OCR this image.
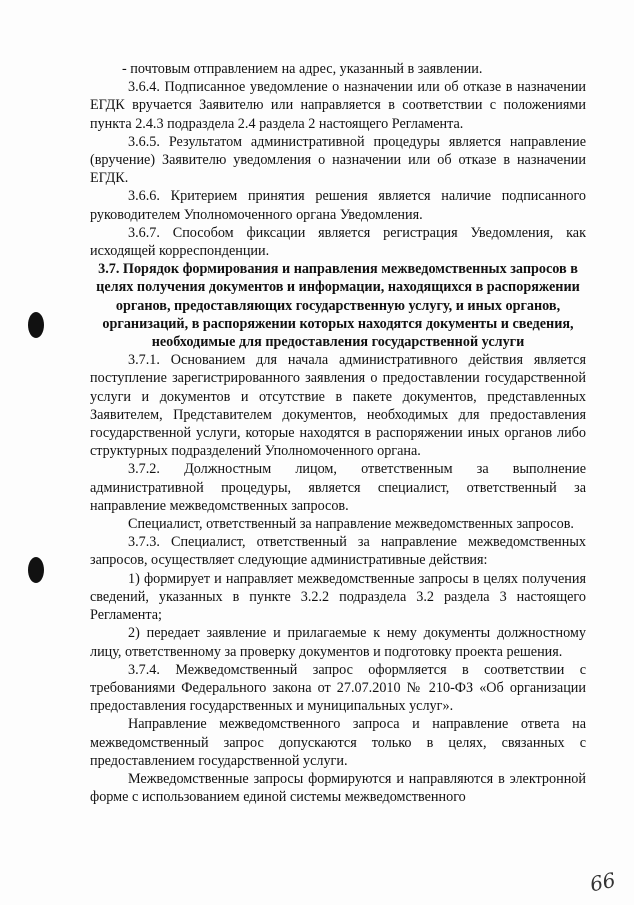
- почтовым отправлением на адрес, указанный в заявлении.

3.6.4. Подписанное уведомление о назначении или об отказе в назначении ЕГДК вручается Заявителю или направляется в соответствии с положениями пункта 2.4.3 подраздела 2.4 раздела 2 настоящего Регламента.

3.6.5. Результатом административной процедуры является направление (вручение) Заявителю уведомления о назначении или об отказе в назначении ЕГДК.

3.6.6. Критерием принятия решения является наличие подписанного руководителем Уполномоченного органа Уведомления.

3.6.7. Способом фиксации является регистрация Уведомления, как исходящей корреспонденции.

3.7. Порядок формирования и направления межведомственных запросов в целях получения документов и информации, находящихся в распоряжении органов, предоставляющих государственную услугу, и иных органов, организаций, в распоряжении которых находятся документы и сведения, необходимые для предоставления государственной услуги

3.7.1. Основанием для начала административного действия является поступление зарегистрированного заявления о предоставлении государственной услуги и документов и отсутствие в пакете документов, представленных Заявителем, Представителем документов, необходимых для предоставления государственной услуги, которые находятся в распоряжении иных органов либо структурных подразделений Уполномоченного органа.

3.7.2. Должностным лицом, ответственным за выполнение административной процедуры, является специалист, ответственный за направление межведомственных запросов.

Специалист, ответственный за направление межведомственных запросов.

3.7.3. Специалист, ответственный за направление межведомственных запросов, осуществляет следующие административные действия:

1) формирует и направляет межведомственные запросы в целях получения сведений, указанных в пункте 3.2.2 подраздела 3.2 раздела 3 настоящего Регламента;

2) передает заявление и прилагаемые к нему документы должностному лицу, ответственному за проверку документов и подготовку проекта решения.

3.7.4. Межведомственный запрос оформляется в соответствии с требованиями Федерального закона от 27.07.2010 № 210-ФЗ «Об организации предоставления государственных и муниципальных услуг».

Направление межведомственного запроса и направление ответа на межведомственный запрос допускаются только в целях, связанных с предоставлением государственной услуги.

Межведомственные запросы формируются и направляются в электронной форме с использованием единой системы межведомственного

66
